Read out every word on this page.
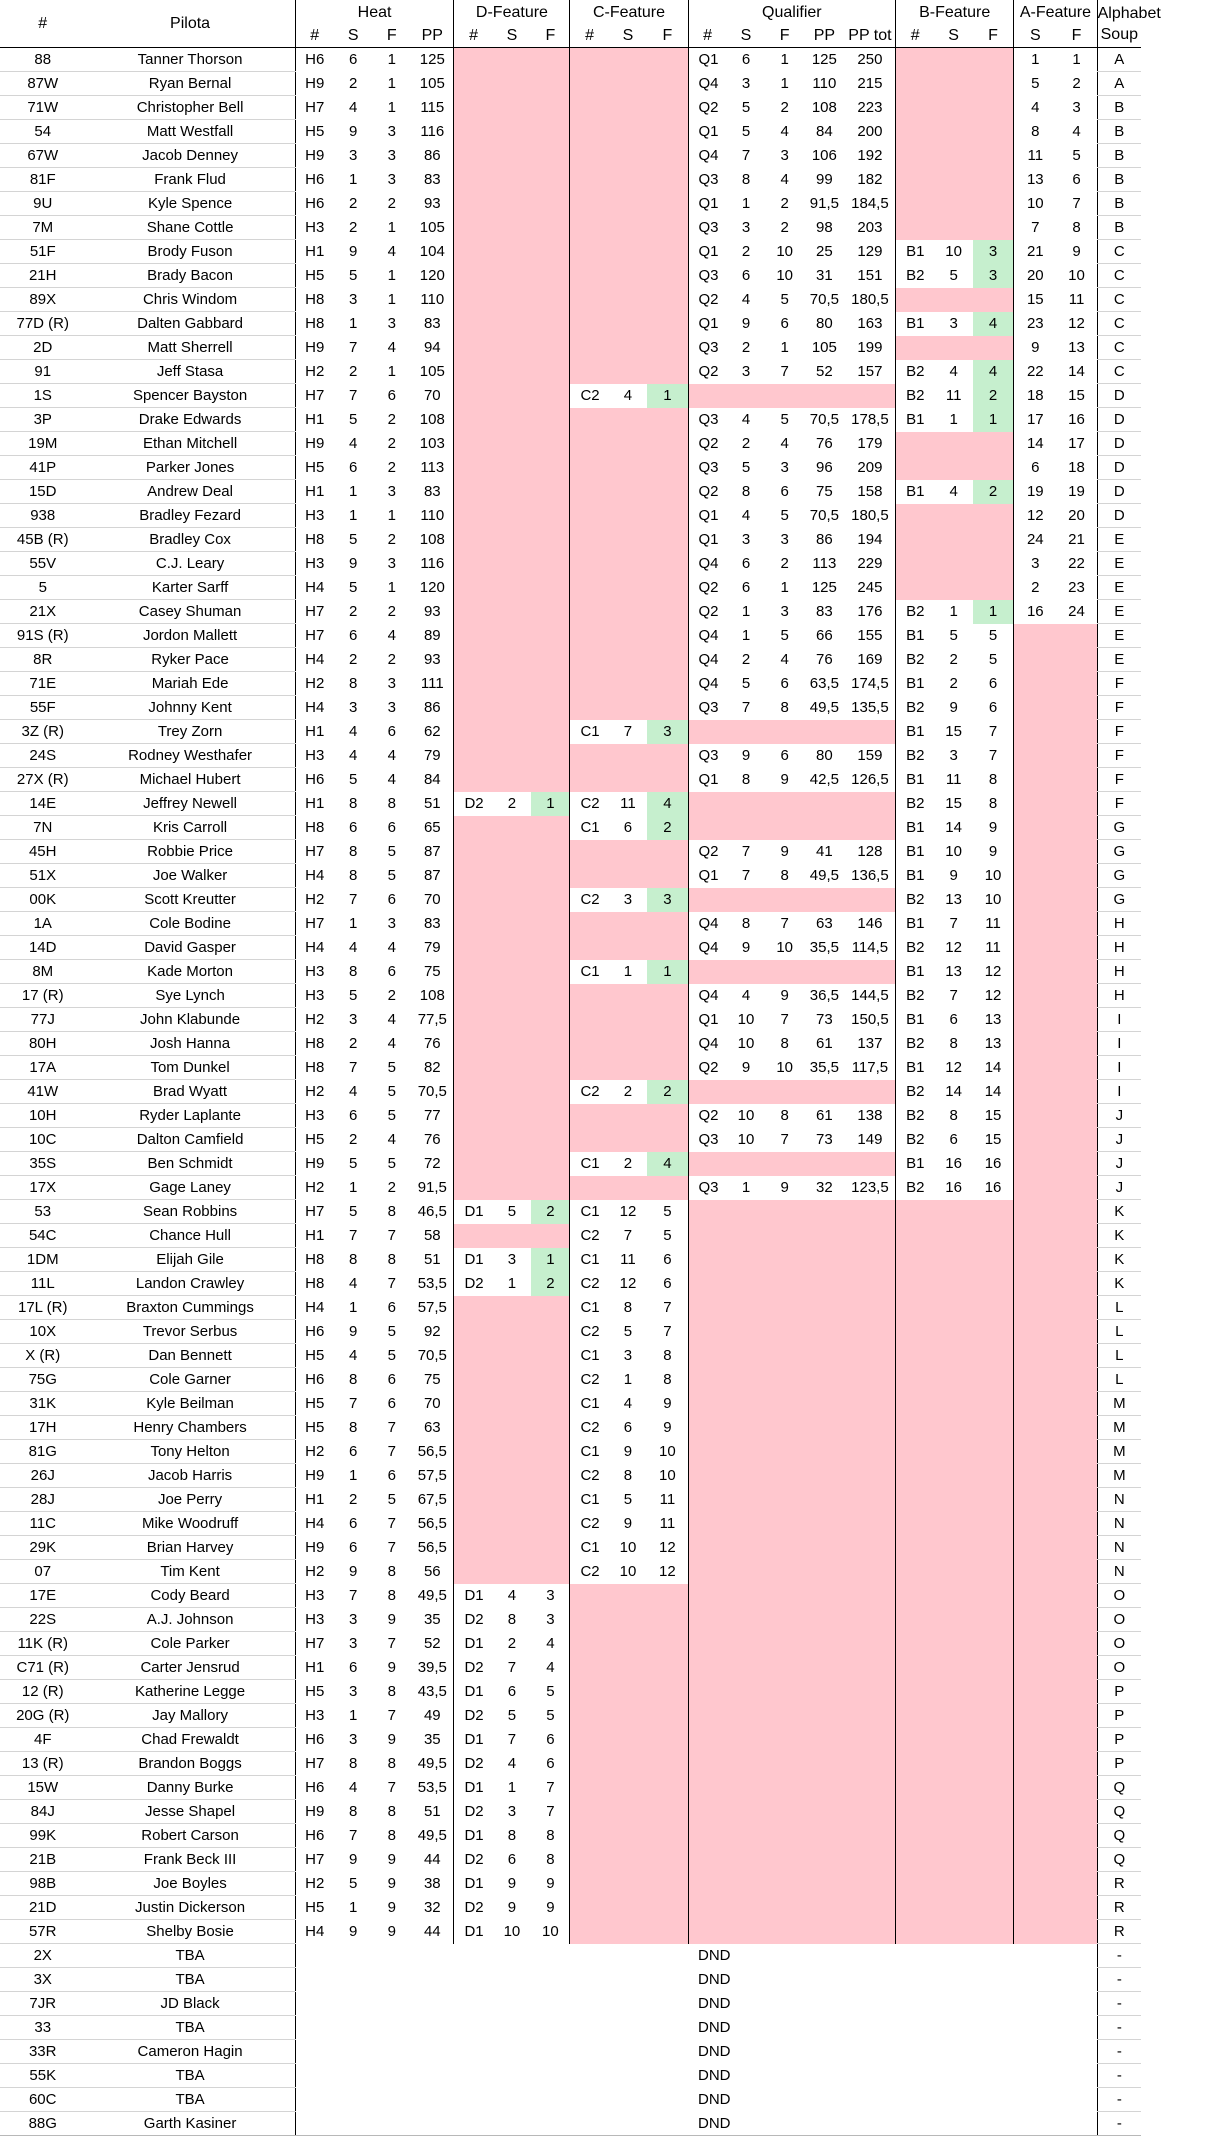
#	Pilota	Heat				D-Feature			C-Feature			Qualifier					B-Feature			A-Feature		Alphabet Soup
		#	S	F	PP	#	S	F	#	S	F	#	S	F	PP	PP tot	#	S	F	S	F	
88	Tanner Thorson	H6	6	1	125							Q1	6	1	125	250				1	1	A
87W	Ryan Bernal	H9	2	1	105							Q4	3	1	110	215				5	2	A
71W	Christopher Bell	H7	4	1	115							Q2	5	2	108	223				4	3	B
54	Matt Westfall	H5	9	3	116							Q1	5	4	84	200				8	4	B
67W	Jacob Denney	H9	3	3	86							Q4	7	3	106	192				11	5	B
81F	Frank Flud	H6	1	3	83							Q3	8	4	99	182				13	6	B
9U	Kyle Spence	H6	2	2	93							Q1	1	2	91,5	184,5				10	7	B
7M	Shane Cottle	H3	2	1	105							Q3	3	2	98	203				7	8	B
51F	Brody Fuson	H1	9	4	104							Q1	2	10	25	129	B1	10	3	21	9	C
21H	Brady Bacon	H5	5	1	120							Q3	6	10	31	151	B2	5	3	20	10	C
89X	Chris Windom	H8	3	1	110							Q2	4	5	70,5	180,5				15	11	C
77D (R)	Dalten Gabbard	H8	1	3	83							Q1	9	6	80	163	B1	3	4	23	12	C
2D	Matt Sherrell	H9	7	4	94							Q3	2	1	105	199				9	13	C
91	Jeff Stasa	H2	2	1	105							Q2	3	7	52	157	B2	4	4	22	14	C
1S	Spencer Bayston	H7	7	6	70				C2	4	1						B2	11	2	18	15	D
3P	Drake Edwards	H1	5	2	108							Q3	4	5	70,5	178,5	B1	1	1	17	16	D
19M	Ethan Mitchell	H9	4	2	103							Q2	2	4	76	179				14	17	D
41P	Parker Jones	H5	6	2	113							Q3	5	3	96	209				6	18	D
15D	Andrew Deal	H1	1	3	83							Q2	8	6	75	158	B1	4	2	19	19	D
938	Bradley Fezard	H3	1	1	110							Q1	4	5	70,5	180,5				12	20	D
45B (R)	Bradley Cox	H8	5	2	108							Q1	3	3	86	194				24	21	E
55V	C.J. Leary	H3	9	3	116							Q4	6	2	113	229				3	22	E
5	Karter Sarff	H4	5	1	120							Q2	6	1	125	245				2	23	E
21X	Casey Shuman	H7	2	2	93							Q2	1	3	83	176	B2	1	1	16	24	E
91S (R)	Jordon Mallett	H7	6	4	89							Q4	1	5	66	155	B1	5	5			E
8R	Ryker Pace	H4	2	2	93							Q4	2	4	76	169	B2	2	5			E
71E	Mariah Ede	H2	8	3	111							Q4	5	6	63,5	174,5	B1	2	6			F
55F	Johnny Kent	H4	3	3	86							Q3	7	8	49,5	135,5	B2	9	6			F
3Z (R)	Trey Zorn	H1	4	6	62				C1	7	3						B1	15	7			F
24S	Rodney Westhafer	H3	4	4	79							Q3	9	6	80	159	B2	3	7			F
27X (R)	Michael Hubert	H6	5	4	84							Q1	8	9	42,5	126,5	B1	11	8			F
14E	Jeffrey Newell	H1	8	8	51	D2	2	1	C2	11	4						B2	15	8			F
7N	Kris Carroll	H8	6	6	65				C1	6	2						B1	14	9			G
45H	Robbie Price	H7	8	5	87							Q2	7	9	41	128	B1	10	9			G
51X	Joe Walker	H4	8	5	87							Q1	7	8	49,5	136,5	B1	9	10			G
00K	Scott Kreutter	H2	7	6	70				C2	3	3						B2	13	10			G
1A	Cole Bodine	H7	1	3	83							Q4	8	7	63	146	B1	7	11			H
14D	David Gasper	H4	4	4	79							Q4	9	10	35,5	114,5	B2	12	11			H
8M	Kade Morton	H3	8	6	75				C1	1	1						B1	13	12			H
17 (R)	Sye Lynch	H3	5	2	108							Q4	4	9	36,5	144,5	B2	7	12			H
77J	John Klabunde	H2	3	4	77,5							Q1	10	7	73	150,5	B1	6	13			I
80H	Josh Hanna	H8	2	4	76							Q4	10	8	61	137	B2	8	13			I
17A	Tom Dunkel	H8	7	5	82							Q2	9	10	35,5	117,5	B1	12	14			I
41W	Brad Wyatt	H2	4	5	70,5				C2	2	2						B2	14	14			I
10H	Ryder Laplante	H3	6	5	77							Q2	10	8	61	138	B2	8	15			J
10C	Dalton Camfield	H5	2	4	76							Q3	10	7	73	149	B2	6	15			J
35S	Ben Schmidt	H9	5	5	72				C1	2	4						B1	16	16			J
17X	Gage Laney	H2	1	2	91,5							Q3	1	9	32	123,5	B2	16	16			J
53	Sean Robbins	H7	5	8	46,5	D1	5	2	C1	12	5											K
54C	Chance Hull	H1	7	7	58				C2	7	5											K
1DM	Elijah Gile	H8	8	8	51	D1	3	1	C1	11	6											K
11L	Landon Crawley	H8	4	7	53,5	D2	1	2	C2	12	6											K
17L (R)	Braxton Cummings	H4	1	6	57,5				C1	8	7											L
10X	Trevor Serbus	H6	9	5	92				C2	5	7											L
X (R)	Dan Bennett	H5	4	5	70,5				C1	3	8											L
75G	Cole Garner	H6	8	6	75				C2	1	8											L
31K	Kyle Beilman	H5	7	6	70				C1	4	9											M
17H	Henry Chambers	H5	8	7	63				C2	6	9											M
81G	Tony Helton	H2	6	7	56,5				C1	9	10											M
26J	Jacob Harris	H9	1	6	57,5				C2	8	10											M
28J	Joe Perry	H1	2	5	67,5				C1	5	11											N
11C	Mike Woodruff	H4	6	7	56,5				C2	9	11											N
29K	Brian Harvey	H9	6	7	56,5				C1	10	12											N
07	Tim Kent	H2	9	8	56				C2	10	12											N
17E	Cody Beard	H3	7	8	49,5	D1	4	3														O
22S	A.J. Johnson	H3	3	9	35	D2	8	3														O
11K (R)	Cole Parker	H7	3	7	52	D1	2	4														O
C71 (R)	Carter Jensrud	H1	6	9	39,5	D2	7	4														O
12 (R)	Katherine Legge	H5	3	8	43,5	D1	6	5														P
20G (R)	Jay Mallory	H3	1	7	49	D2	5	5														P
4F	Chad Frewaldt	H6	3	9	35	D1	7	6														P
13 (R)	Brandon Boggs	H7	8	8	49,5	D2	4	6														P
15W	Danny Burke	H6	4	7	53,5	D1	1	7														Q
84J	Jesse Shapel	H9	8	8	51	D2	3	7														Q
99K	Robert Carson	H6	7	8	49,5	D1	8	8														Q
21B	Frank Beck III	H7	9	9	44	D2	6	8														Q
98B	Joe Boyles	H2	5	9	38	D1	9	9														R
21D	Justin Dickerson	H5	1	9	32	D2	9	9														R
57R	Shelby Bosie	H4	9	9	44	D1	10	10														R
2X	TBA											DND										-
3X	TBA											DND										-
7JR	JD Black											DND										-
33	TBA											DND										-
33R	Cameron Hagin											DND										-
55K	TBA											DND										-
60C	TBA											DND										-
88G	Garth Kasiner											DND										-
